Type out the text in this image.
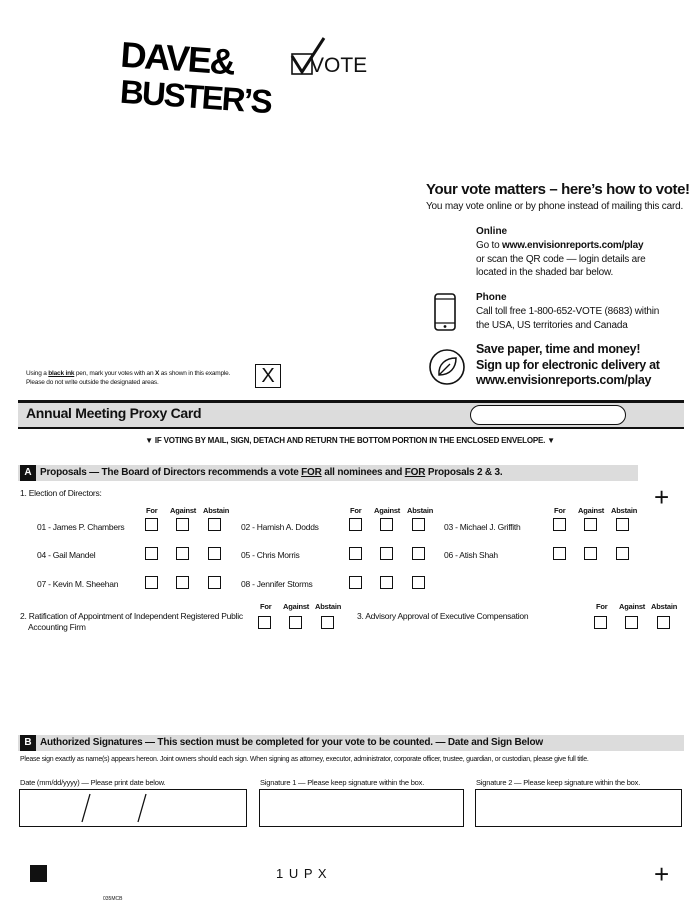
DAVE&
BUSTER’S
VOTE
Your vote matters – here’s how to vote!
You may vote online or by phone instead of mailing this card.
Online
Go to www.envisionreports.com/play
or scan the QR code — login details are
located in the shaded bar below.
Phone
Call toll free 1-800-652-VOTE (8683) within
the USA, US territories and Canada
Save paper, time and money!
Sign up for electronic delivery at
www.envisionreports.com/play
Using a black ink pen, mark your votes with an X as shown in this example.
Please do not write outside the designated areas.	X
Annual Meeting Proxy Card
▼ IF VOTING BY MAIL, SIGN, DETACH AND RETURN THE BOTTOM PORTION IN THE ENCLOSED ENVELOPE. ▼
A Proposals — The Board of Directors recommends a vote FOR all nominees and FOR Proposals 2 & 3.
+
1. Election of Directors:
For Against Abstain	For Against Abstain	For Against Abstain
01 - James P. Chambers	02 - Hamish A. Dodds	03 - Michael J. Griffith
04 - Gail Mandel	05 - Chris Morris	06 - Atish Shah
07 - Kevin M. Sheehan	08 - Jennifer Storms
2. Ratification of Appointment of Independent Registered Public
Accounting Firm
For Against Abstain
3. Advisory Approval of Executive Compensation
For Against Abstain
B Authorized Signatures — This section must be completed for your vote to be counted. — Date and Sign Below
Please sign exactly as name(s) appears hereon. Joint owners should each sign. When signing as attorney, executor, administrator, corporate officer, trustee, guardian, or custodian, please give full title.
Date (mm/dd/yyyy) — Please print date below.	Signature 1 — Please keep signature within the box.	Signature 2 — Please keep signature within the box.
1 U P X	+
035MCB
